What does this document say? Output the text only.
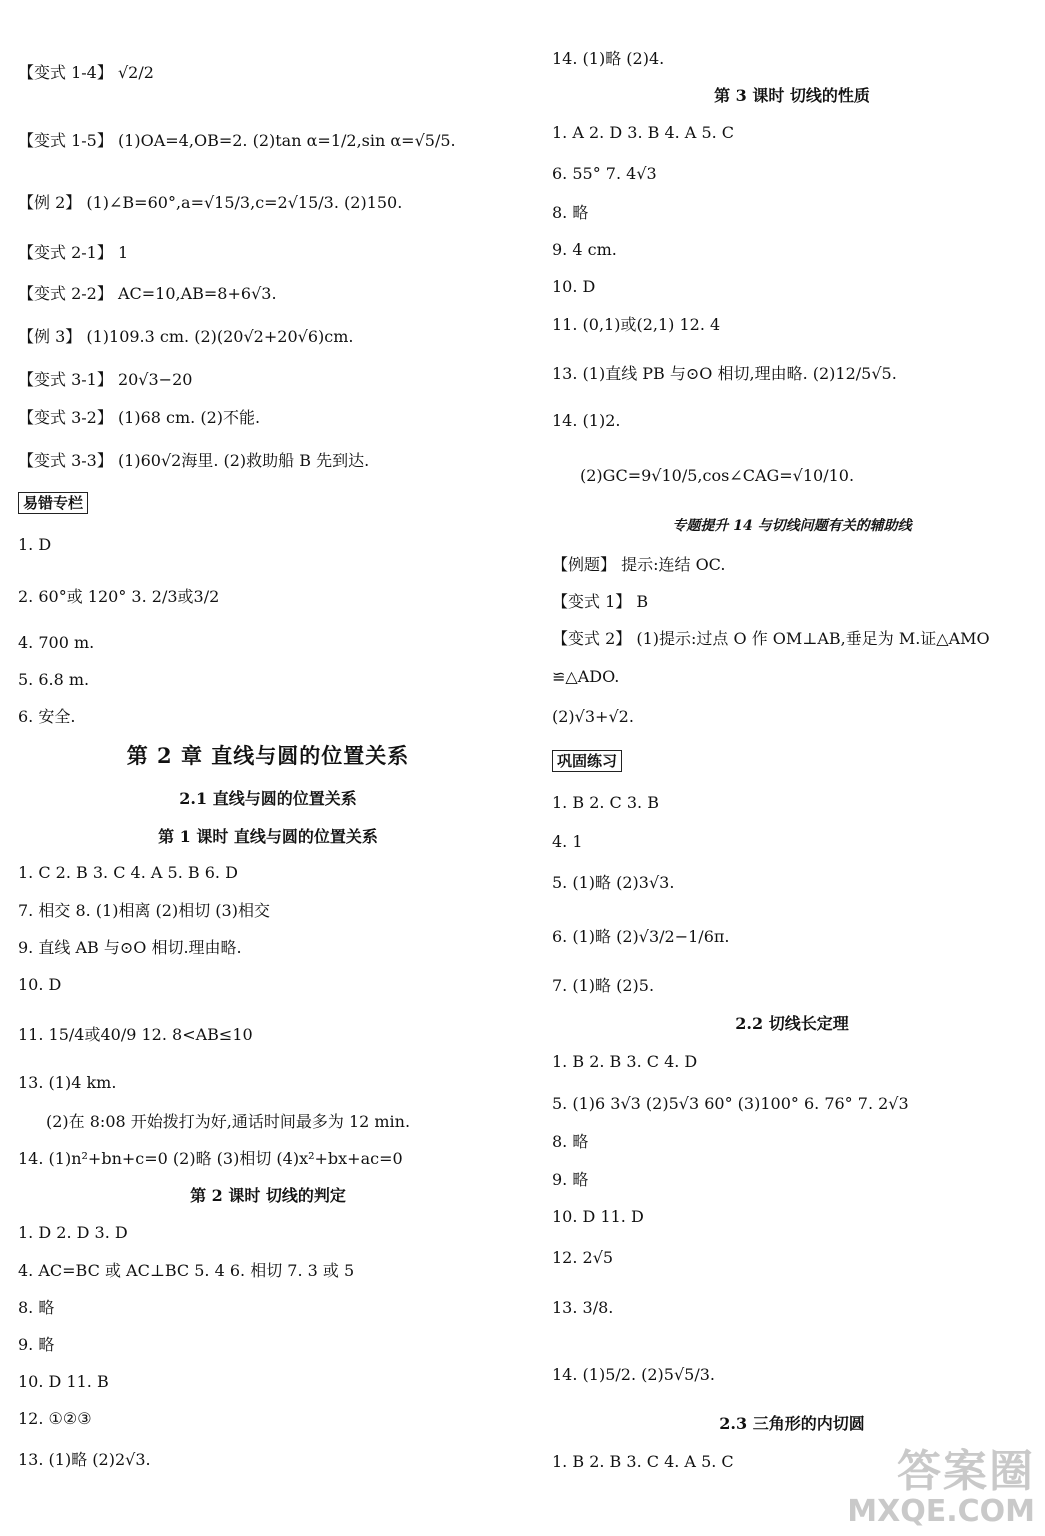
【变式 1-4】 √2/2
【变式 1-5】 (1)OA=4,OB=2. (2)tan α=1/2,sin α=√5/5.
【例 2】 (1)∠B=60°,a=√15/3,c=2√15/3. (2)150.
【变式 2-1】 1
【变式 2-2】 AC=10,AB=8+6√3.
【例 3】 (1)109.3 cm. (2)(20√2+20√6)cm.
【变式 3-1】 20√3−20
【变式 3-2】 (1)68 cm. (2)不能.
【变式 3-3】 (1)60√2海里. (2)救助船 B 先到达.
易错专栏
1. D
2. 60°或 120° 3. 2/3或3/2
4. 700 m.
5. 6.8 m.
6. 安全.
第 2 章 直线与圆的位置关系
2.1 直线与圆的位置关系
第 1 课时 直线与圆的位置关系
1. C 2. B 3. C 4. A 5. B 6. D
7. 相交 8. (1)相离 (2)相切 (3)相交
9. 直线 AB 与⊙O 相切.理由略.
10. D
11. 15/4或40/9 12. 8<AB≤10
13. (1)4 km.
(2)在 8:08 开始拨打为好,通话时间最多为 12 min.
14. (1)n²+bn+c=0 (2)略 (3)相切 (4)x²+bx+ac=0
第 2 课时 切线的判定
1. D 2. D 3. D
4. AC=BC 或 AC⊥BC 5. 4 6. 相切 7. 3 或 5
8. 略
9. 略
10. D 11. B
12. ①②③
13. (1)略 (2)2√3.
14. (1)略 (2)4.
第 3 课时 切线的性质
1. A 2. D 3. B 4. A 5. C
6. 55° 7. 4√3
8. 略
9. 4 cm.
10. D
11. (0,1)或(2,1) 12. 4
13. (1)直线 PB 与⊙O 相切,理由略. (2)12/5√5.
14. (1)2.
(2)GC=9√10/5,cos∠CAG=√10/10.
专题提升 14 与切线问题有关的辅助线
【例题】 提示:连结 OC.
【变式 1】 B
【变式 2】 (1)提示:过点 O 作 OM⊥AB,垂足为 M.证△AMO
≌△ADO.
(2)√3+√2.
巩固练习
1. B 2. C 3. B
4. 1
5. (1)略 (2)3√3.
6. (1)略 (2)√3/2−1/6π.
7. (1)略 (2)5.
2.2 切线长定理
1. B 2. B 3. C 4. D
5. (1)6 3√3 (2)5√3 60° (3)100° 6. 76° 7. 2√3
8. 略
9. 略
10. D 11. D
12. 2√5
13. 3/8.
14. (1)5/2. (2)5√5/3.
2.3 三角形的内切圆
1. B 2. B 3. C 4. A 5. C	答案圈
MXQE.COM
